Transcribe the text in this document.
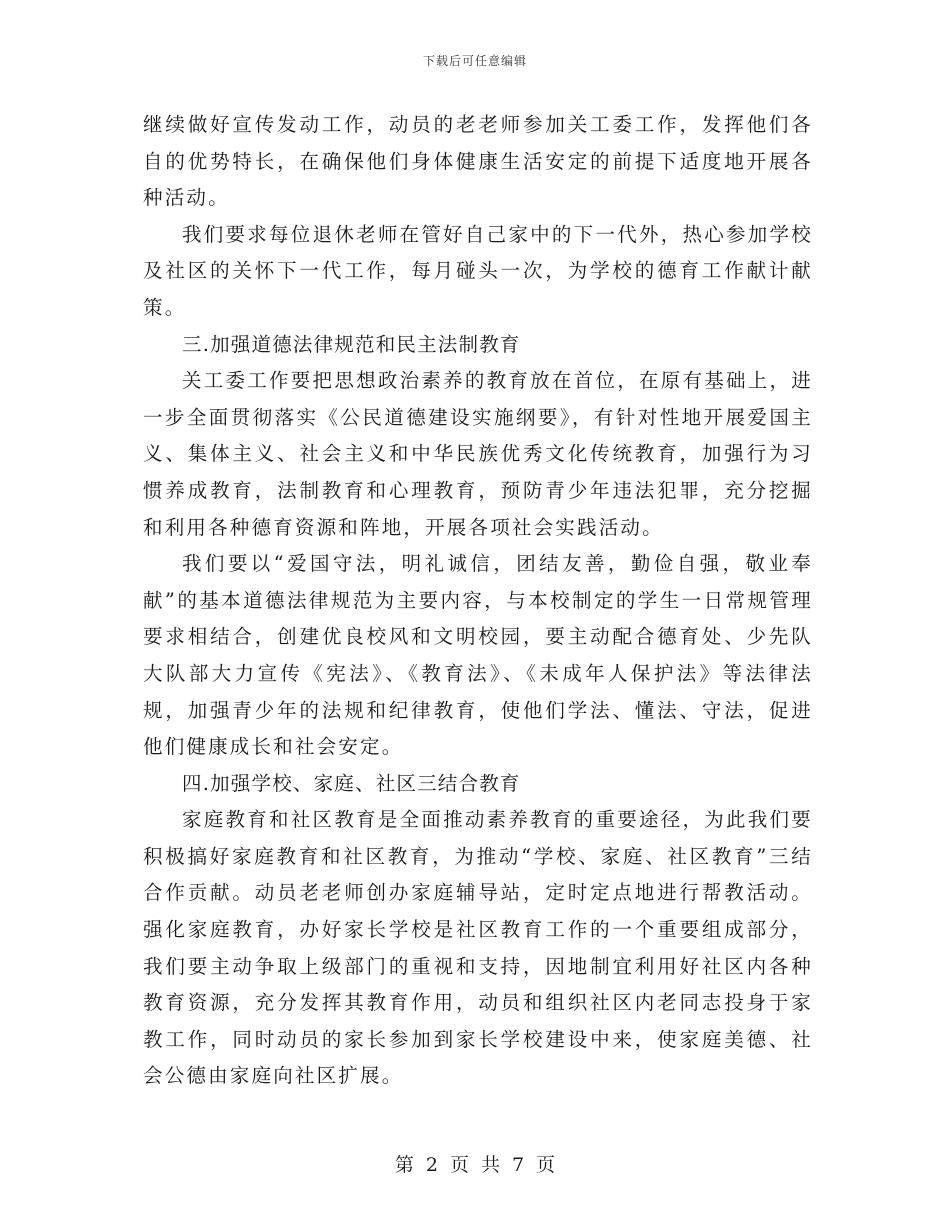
下载后可任意编辑

继续做好宣传发动工作，动员的老老师参加关工委工作，发挥他们各自的优势特长，在确保他们身体健康生活安定的前提下适度地开展各种活动。

我们要求每位退休老师在管好自己家中的下一代外，热心参加学校及社区的关怀下一代工作，每月碰头一次，为学校的德育工作献计献策。

三.加强道德法律规范和民主法制教育

关工委工作要把思想政治素养的教育放在首位，在原有基础上，进一步全面贯彻落实《公民道德建设实施纲要》，有针对性地开展爱国主义、集体主义、社会主义和中华民族优秀文化传统教育，加强行为习惯养成教育，法制教育和心理教育，预防青少年违法犯罪，充分挖掘和利用各种德育资源和阵地，开展各项社会实践活动。

我们要以“爱国守法，明礼诚信，团结友善，勤俭自强，敬业奉献”的基本道德法律规范为主要内容，与本校制定的学生一日常规管理要求相结合，创建优良校风和文明校园，要主动配合德育处、少先队大队部大力宣传《宪法》、《教育法》、《未成年人保护法》等法律法规，加强青少年的法规和纪律教育，使他们学法、懂法、守法，促进他们健康成长和社会安定。

四.加强学校、家庭、社区三结合教育

家庭教育和社区教育是全面推动素养教育的重要途径，为此我们要积极搞好家庭教育和社区教育，为推动“学校、家庭、社区教育”三结合作贡献。动员老老师创办家庭辅导站，定时定点地进行帮教活动。强化家庭教育，办好家长学校是社区教育工作的一个重要组成部分，我们要主动争取上级部门的重视和支持，因地制宜利用好社区内各种教育资源，充分发挥其教育作用，动员和组织社区内老同志投身于家教工作，同时动员的家长参加到家长学校建设中来，使家庭美德、社会公德由家庭向社区扩展。

第 2 页 共 7 页
